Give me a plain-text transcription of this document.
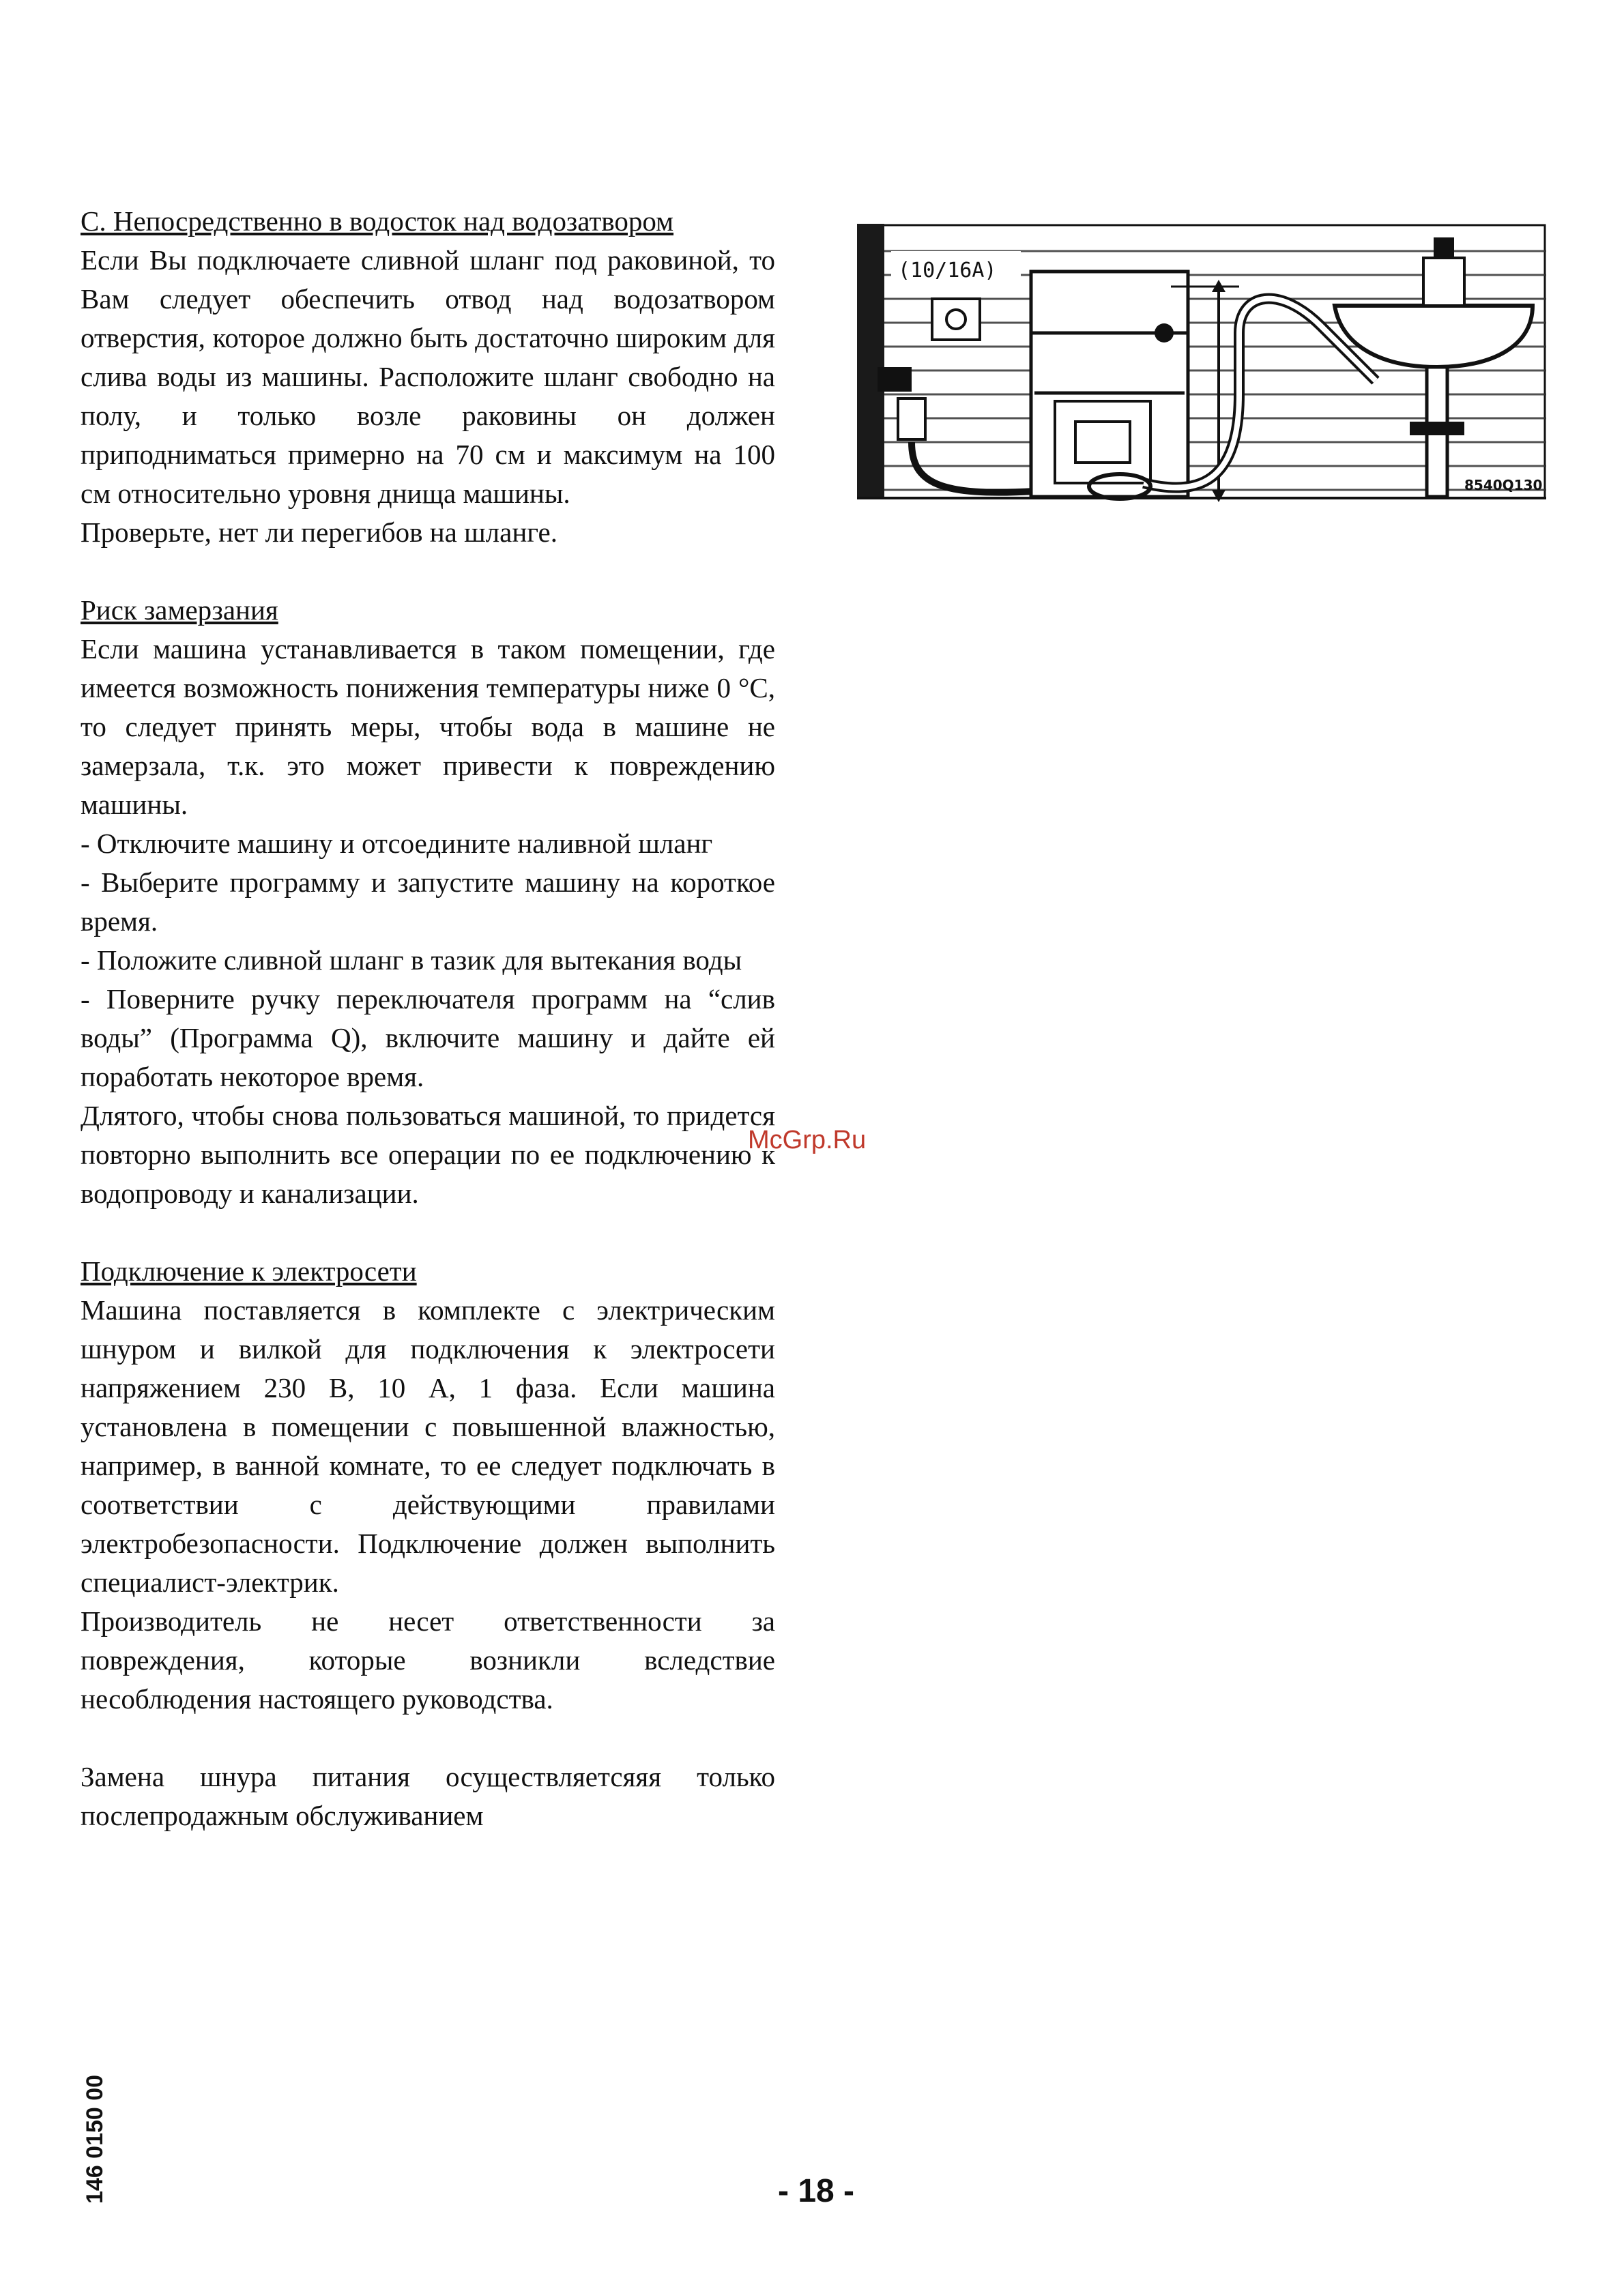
С. Непосредственно в водосток над водозатвором

Если Вы подключаете сливной шланг под раковиной, то Вам следует обеспечить отвод над водозатвором отверстия, которое должно быть достаточно широким для слива воды из машины. Расположите шланг свободно на полу, и только возле раковины он должен приподниматься примерно на 70 см и максимум на 100 см относительно уровня днища машины.

Проверьте, нет ли перегибов на шланге.

Риск замерзания

Если машина устанавливается в таком помещении, где имеется возможность понижения температуры ниже 0 °С, то следует принять меры, чтобы вода в машине не замерзала, т.к. это может привести к повреждению машины.

- Отключите машину и отсоедините наливной шланг

- Выберите программу и запустите машину на короткое время.

- Положите сливной шланг в тазик для вытекания воды

- Поверните ручку переключателя программ на “слив воды” (Программа Q), включите машину и дайте ей поработать некоторое время.

Длятого, чтобы снова пользоваться машиной, то придется повторно выполнить все операции по ее подключению к водопроводу и канализации.

Подключение к электросети

Машина поставляется в комплекте с электрическим шнуром и вилкой для подключения к электросети напряжением 230 В, 10 А, 1 фаза. Если машина установлена в помещении с повышенной влажностью, например, в ванной комнате, то ее следует подключать в соответствии с действующими правилами электробезопасности. Подключение должен выполнить специалист-электрик.

Производитель не несет ответственности за повреждения, которые возникли вследствие несоблюдения настоящего руководства.

Замена шнура питания осуществляетсяяя только послепродажным обслуживанием

(10/16A)
8540Q130
McGrp.Ru
146 0150 00	- 18 -
